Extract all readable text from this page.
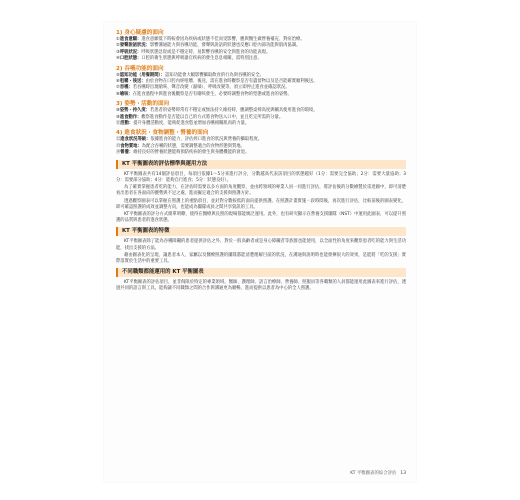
1) 身心疑慮的面向
①進食意願：進食意願低下時較會因為疾病或狀態不佳而受影響，應與醫生做營養補充、對症治療。
②發聲說話狀況：影響溝通能力與吞嚥功能，發聲與說話的狀態也反應口腔內部功能與肌肉協調。
③呼吸狀況：呼吸狀態急促或是不穩定時，易影響吞嚥的安全與進食的功能表現。
④口腔狀態：口腔的衛生狀態與呼吸器官疾病的發生息息相關，需特別注意。
2) 吞嚥功能的面向
⑤認知功能（用餐期間）：認知功能會大幅影響攝取飲食的行為與吞嚥的安全。
⑥咀嚼・後送：由於食物在口腔內經咀嚼、後送，需在進食時觀察是否有遺留物以及是否能確實順利後送。
⑦吞嚥：若吞嚥時出現嗆咳、聲音改變（濕嗓）、呼吸改變等，須立即停止進食並確認狀況。
⑧嗆咳：在進食過程中與進食後觀察是否有嗆咳發生，必要時調整食物的型態或進食的姿勢。
3) 姿勢・活動的面向
⑨姿勢・持久度：若患者的姿勢時常有不穩定或無法持久維持時，應調整桌椅高度與輔具使用進食的環境。
⑩進食動作：觀察進食動作是否能以自己的方式將食物送入口中，並且吃完所需的分量。
⑪活動：提升身體活動度，能夠促進食慾並增加吞嚥相關肌肉的力量。
4) 進食狀況・食物調整・營養的面向
⑫進食狀況等級：依據進食的能力，評估經口進食的狀況與營養的攝取程度。
⑬食物質地：為配合吞嚥的狀態，需要調整適合的食物形態與質地。
⑭營養：維持良好的營養狀態能夠預防疾病的發生與身體機能的衰退。
KT 平衡圖表的評估標準與運用方法

KT平衡圖表共有14個評估項目，每項目依據1～5分來進行評分，分數越高代表該項目的狀態越好（1分：需要完全協助；2分：需要大量協助；3分：需要部分協助；4分：能夠自行進食；5分：狀態良好）。

為了確實掌握患者吃的能力，在評估時需要以多方面的角度觀察，並由跨領域的專業人員一同進行評估，將評估後的分數繪製於雷達圖中，即可清楚看出患者在各面向的優勢與不足之處，進而擬定適合的支援與照護方針。

透過觀察圖表可以掌握在照護上的重點項目，並針對分數較低的面向提供照護。在照護計畫實施一段時間後，再次進行評估，比較前後的圖表變化，即可確認照護的成效並調整方向，也能成為團隊成員之間共享資訊的工具。

KT平衡圖表的評分方式簡單明瞭，使得在醫療與長照的現場都能廣泛運用。此外，也有研究顯示在營養支援團隊（NST）中運用此圖表，可以提升照護的品質與患者的進食狀態。

KT 平衡圖表的特徵

KT平衡圖表除了能為吞嚥障礙的患者提供評估之外，對於一般高齡者或是身心障礙者等族群也能使用，以全面性的角度來觀察患者吃的能力與生活功能，找出支援的方法。

藉由圖表化的呈現，讓患者本人、家屬以及醫療照護的團隊都能清楚理解目前的狀況，在溝通與說明時也能發揮很大的效果，是能將「吃的支援」實際落實於生活中的重要工具。

不同職類都能運用的 KT 平衡圖表

KT平衡圖表的評估項目，並非侷限於特定的專業領域，醫師、護理師、語言治療師、營養師、照服員等各職類的人員都能運用此圖表來進行評估，透過共同的語言與工具，能夠讓不同職類之間的合作與溝通更為順暢，進而提供以患者為中心的全人照護。

KT 平衡圖表的綜合評估 13
